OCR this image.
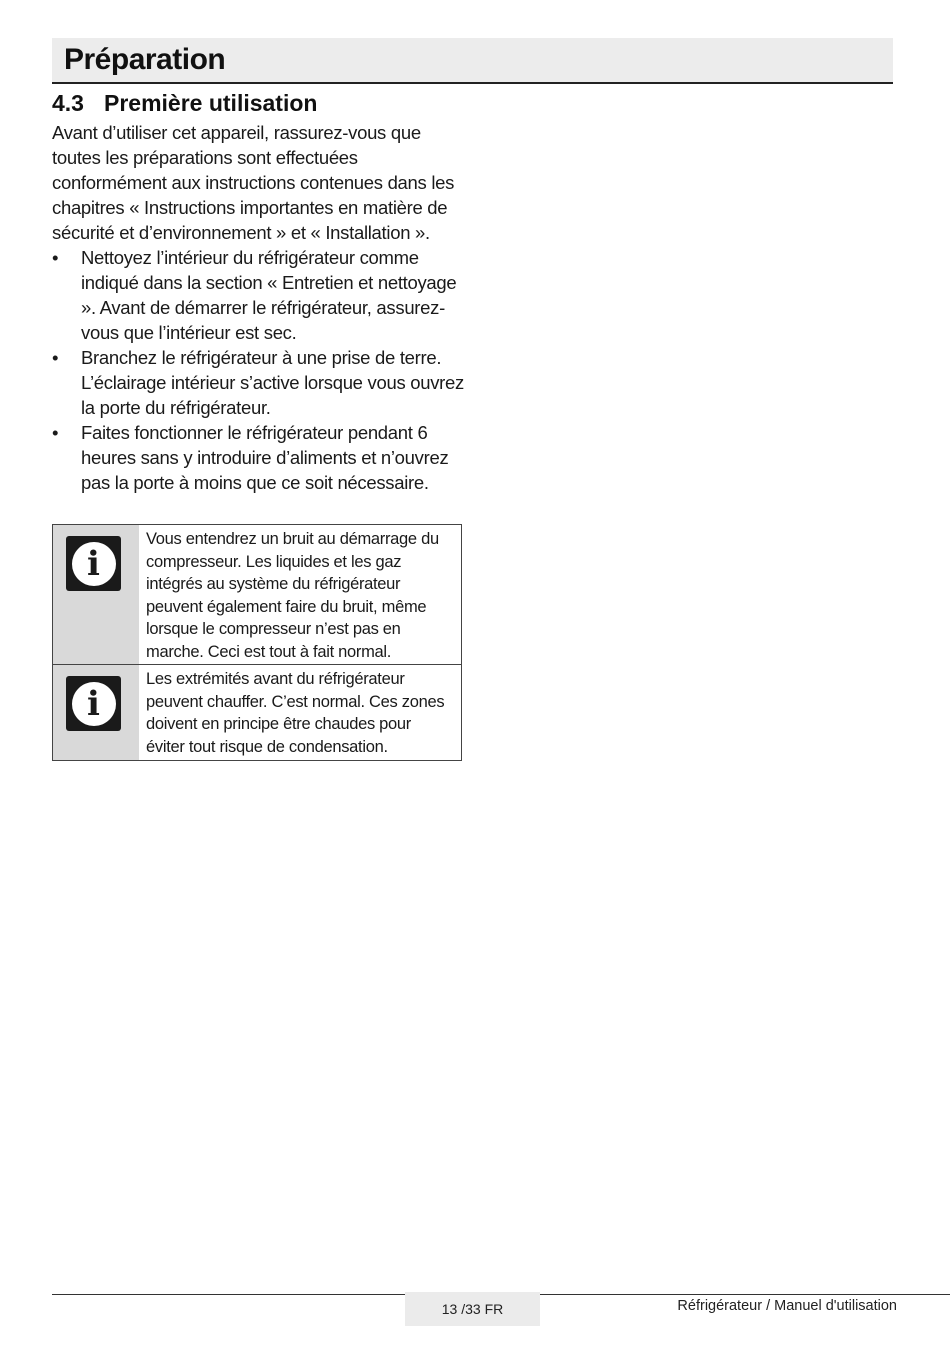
Préparation
4.3 Première utilisation

Avant d’utiliser cet appareil, rassurez-vous que toutes les préparations sont effectuées conformément aux instructions contenues dans les chapitres « Instructions importantes en matière de sécurité et d’environnement » et « Installation ».

• Nettoyez l’intérieur du réfrigérateur comme indiqué dans la section « Entretien et nettoyage ». Avant de démarrer le réfrigérateur, assurez-vous que l’intérieur est sec.
• Branchez le réfrigérateur à une prise de terre. L’éclairage intérieur s’active lorsque vous ouvrez la porte du réfrigérateur.
• Faites fonctionner le réfrigérateur pendant 6 heures sans y introduire d’aliments et n’ouvrez pas la porte à moins que ce soit nécessaire.
i
Vous entendrez un bruit au démarrage du compresseur. Les liquides et les gaz intégrés au système du réfrigérateur peuvent également faire du bruit, même lorsque le compresseur n’est pas en marche. Ceci est tout à fait normal.
i
Les extrémités avant du réfrigérateur peuvent chauffer. C’est normal. Ces zones doivent en principe être chaudes pour éviter tout risque de condensation.
13 /33 FR	Réfrigérateur / Manuel d'utilisation
